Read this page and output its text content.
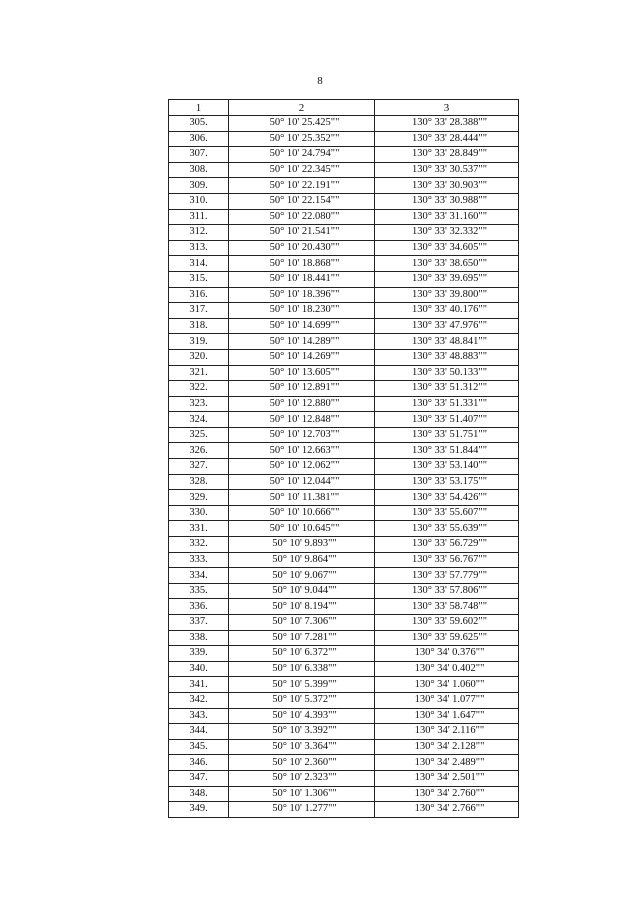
8
1	2	3
305.	50° 10' 25.425""	130° 33' 28.388""
306.	50° 10' 25.352""	130° 33' 28.444""
307.	50° 10' 24.794""	130° 33' 28.849""
308.	50° 10' 22.345""	130° 33' 30.537""
309.	50° 10' 22.191""	130° 33' 30.903""
310.	50° 10' 22.154""	130° 33' 30.988""
311.	50° 10' 22.080""	130° 33' 31.160""
312.	50° 10' 21.541""	130° 33' 32.332""
313.	50° 10' 20.430""	130° 33' 34.605""
314.	50° 10' 18.868""	130° 33' 38.650""
315.	50° 10' 18.441""	130° 33' 39.695""
316.	50° 10' 18.396""	130° 33' 39.800""
317.	50° 10' 18.230""	130° 33' 40.176""
318.	50° 10' 14.699""	130° 33' 47.976""
319.	50° 10' 14.289""	130° 33' 48.841""
320.	50° 10' 14.269""	130° 33' 48.883""
321.	50° 10' 13.605""	130° 33' 50.133""
322.	50° 10' 12.891""	130° 33' 51.312""
323.	50° 10' 12.880""	130° 33' 51.331""
324.	50° 10' 12.848""	130° 33' 51.407""
325.	50° 10' 12.703""	130° 33' 51.751""
326.	50° 10' 12.663""	130° 33' 51.844""
327.	50° 10' 12.062""	130° 33' 53.140""
328.	50° 10' 12.044""	130° 33' 53.175""
329.	50° 10' 11.381""	130° 33' 54.426""
330.	50° 10' 10.666""	130° 33' 55.607""
331.	50° 10' 10.645""	130° 33' 55.639""
332.	50° 10' 9.893""	130° 33' 56.729""
333.	50° 10' 9.864""	130° 33' 56.767""
334.	50° 10' 9.067""	130° 33' 57.779""
335.	50° 10' 9.044""	130° 33' 57.806""
336.	50° 10' 8.194""	130° 33' 58.748""
337.	50° 10' 7.306""	130° 33' 59.602""
338.	50° 10' 7.281""	130° 33' 59.625""
339.	50° 10' 6.372""	130° 34' 0.376""
340.	50° 10' 6.338""	130° 34' 0.402""
341.	50° 10' 5.399""	130° 34' 1.060""
342.	50° 10' 5.372""	130° 34' 1.077""
343.	50° 10' 4.393""	130° 34' 1.647""
344.	50° 10' 3.392""	130° 34' 2.116""
345.	50° 10' 3.364""	130° 34' 2.128""
346.	50° 10' 2.360""	130° 34' 2.489""
347.	50° 10' 2.323""	130° 34' 2.501""
348.	50° 10' 1.306""	130° 34' 2.760""
349.	50° 10' 1.277""	130° 34' 2.766""
